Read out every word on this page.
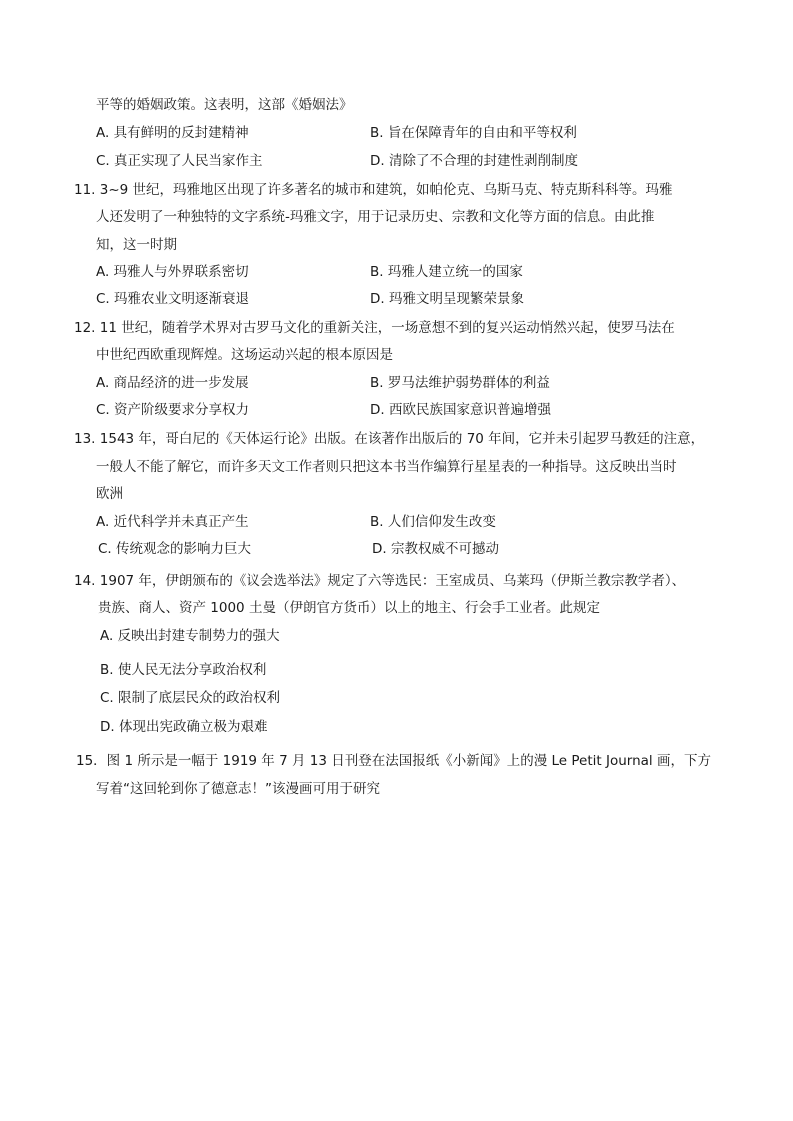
平等的婚姻政策。这表明，这部《婚姻法》
A. 具有鲜明的反封建精神	B. 旨在保障青年的自由和平等权利
C. 真正实现了人民当家作主	D. 清除了不合理的封建性剥削制度
11. 3~9 世纪，玛雅地区出现了许多著名的城市和建筑，如帕伦克、乌斯马克、特克斯科科等。玛雅
人还发明了一种独特的文字系统-玛雅文字，用于记录历史、宗教和文化等方面的信息。由此推
知，这一时期
A. 玛雅人与外界联系密切	B. 玛雅人建立统一的国家
C. 玛雅农业文明逐渐衰退	D. 玛雅文明呈现繁荣景象
12. 11 世纪，随着学术界对古罗马文化的重新关注，一场意想不到的复兴运动悄然兴起，使罗马法在
中世纪西欧重现辉煌。这场运动兴起的根本原因是
A. 商品经济的进一步发展	B. 罗马法维护弱势群体的利益
C. 资产阶级要求分享权力	D. 西欧民族国家意识普遍增强
13. 1543 年，哥白尼的《天体运行论》出版。在该著作出版后的 70 年间，它并未引起罗马教廷的注意，
一般人不能了解它，而许多天文工作者则只把这本书当作编算行星星表的一种指导。这反映出当时
欧洲
A. 近代科学并未真正产生	B. 人们信仰发生改变
C. 传统观念的影响力巨大	D. 宗教权威不可撼动
14. 1907 年，伊朗颁布的《议会选举法》规定了六等选民：王室成员、乌莱玛（伊斯兰教宗教学者）、
贵族、商人、资产 1000 土曼（伊朗官方货币）以上的地主、行会手工业者。此规定
A. 反映出封建专制势力的强大
B. 使人民无法分享政治权利
C. 限制了底层民众的政治权利
D. 体现出宪政确立极为艰难
15．图 1 所示是一幅于 1919 年 7 月 13 日刊登在法国报纸《小新闻》上的漫 Le Petit Journal 画，下方
写着“这回轮到你了德意志！”该漫画可用于研究
